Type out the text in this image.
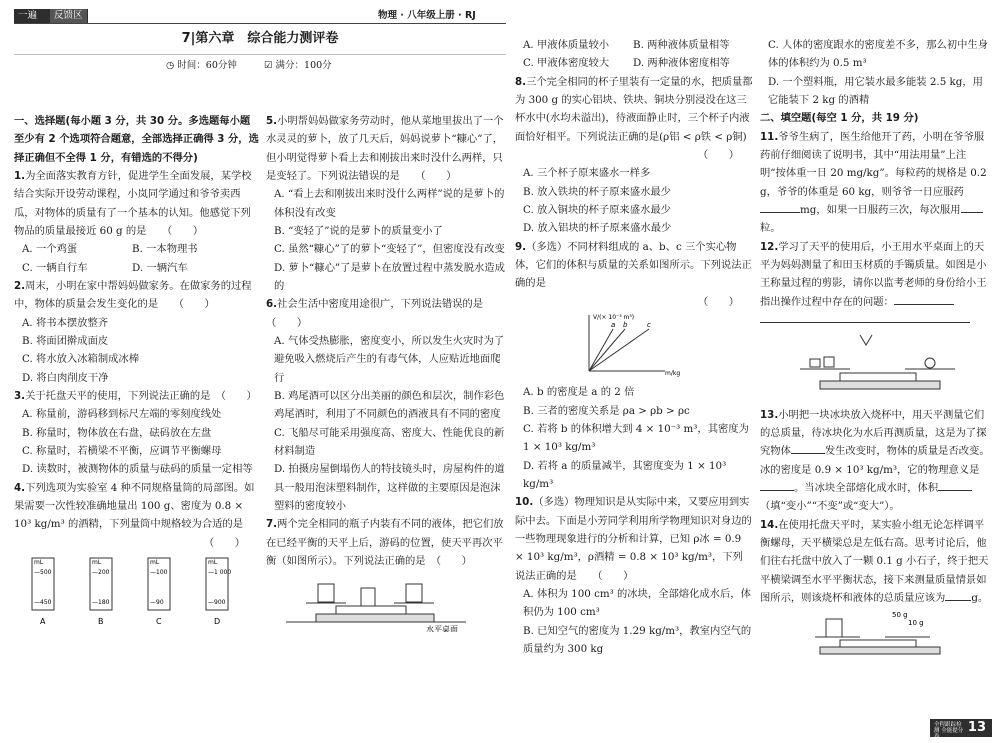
一遍	反馈区	物理 · 八年级上册 · RJ
7|第六章　综合能力测评卷
◷ 时间：60分钟	☑ 满分：100分

一、选择题(每小题 3 分，共 30 分。多选题每小题至少有 2 个选项符合题意，全部选择正确得 3 分，选择正确但不全得 1 分，有错选的不得分)

1.为全面落实教育方针，促进学生全面发展，某学校结合实际开设劳动课程，小岚同学通过和爷爷卖西瓜，对物体的质量有了一个基本的认知。他感觉下列物品的质量最接近 60 g 的是　　（　　）

A. 一个鸡蛋	B. 一本物理书

C. 一辆自行车	D. 一辆汽车

2.周末，小明在家中帮妈妈做家务。在做家务的过程中，物体的质量会发生变化的是　　（　　）

A. 将书本摆放整齐

B. 将面团擀成面皮

C. 将水放入冰箱制成冰棒

D. 将白肉削皮干净

3.关于托盘天平的使用，下列说法正确的是　（　　）

A. 称量前，游码移到标尺左端的零刻度线处

B. 称量时，物体放在右盘，砝码放在左盘

C. 称量时，若横梁不平衡，应调节平衡螺母

D. 读数时，被测物体的质量与砝码的质量一定相等

4.下列选项为实验室 4 种不同规格量筒的局部图。如果需要一次性较准确地量出 100 g、密度为 0.8 × 10³ kg/m³ 的酒精，下列量筒中规格较为合适的是

（　　）

mL
—500
—450
A
mL
—200
—180
B
mL
—100
—90
C
mL
—1 000
—900
D

5.小明帮妈妈做家务劳动时，他从菜地里拔出了一个水灵灵的萝卜，放了几天后，妈妈说萝卜“糠心”了，但小明觉得萝卜看上去和刚拔出来时没什么两样，只是变轻了。下列说法错误的是　　（　　）

A. “看上去和刚拔出来时没什么两样”说的是萝卜的体积没有改变

B. “变轻了”说的是萝卜的质量变小了

C. 虽然“糠心”了的萝卜“变轻了”，但密度没有改变

D. 萝卜“糠心”了是萝卜在放置过程中蒸发脱水造成的

6.社会生活中密度用途很广，下列说法错误的是（　　）

A. 气体受热膨胀，密度变小，所以发生火灾时为了避免吸入燃烧后产生的有毒气体，人应贴近地面爬行

B. 鸡尾酒可以区分出美丽的颜色和层次，制作彩色鸡尾酒时，利用了不同颜色的酒液具有不同的密度

C. 飞船尽可能采用强度高、密度大、性能优良的新材料制造

D. 拍摄房屋倒塌伤人的特技镜头时，房屋构件的道具一般用泡沫塑料制作，这样做的主要原因是泡沫塑料的密度较小

7.两个完全相同的瓶子内装有不同的液体，把它们放在已经平衡的天平上后，游码的位置，使天平再次平衡（如图所示）。下列说法正确的是　（　　）

水平桌面

A. 甲液体质量较小	B. 两种液体质量相等

C. 甲液体密度较大	D. 两种液体密度相等

8.三个完全相同的杯子里装有一定量的水，把质量都为 300 g 的实心铝块、铁块、铜块分别浸没在这三杯水中(水均未溢出)，待液面静止时，三个杯子内液面恰好相平。下列说法正确的是(ρ铝 < ρ铁 < ρ铜)

（　　）

A. 三个杯子原来盛水一样多

B. 放入铁块的杯子原来盛水最少

C. 放入铜块的杯子原来盛水最少

D. 放入铝块的杯子原来盛水最少

9.（多选）不同材料组成的 a、b、c 三个实心物体，它们的体积与质量的关系如图所示。下列说法正确的是

（　　）

V/(× 10⁻³ m³)
m/kg
a b	c

A. b 的密度是 a 的 2 倍

B. 三者的密度关系是 ρa > ρb > ρc

C. 若将 b 的体积增大到 4 × 10⁻³ m³，其密度为 1 × 10³ kg/m³

D. 若将 a 的质量减半，其密度变为 1 × 10³ kg/m³

10.（多选）物理知识是从实际中来，又要应用到实际中去。下面是小芳同学利用所学物理知识对身边的一些物理现象进行的分析和计算，已知 ρ冰 = 0.9 × 10³ kg/m³，ρ酒精 = 0.8 × 10³ kg/m³，下列说法正确的是　　（　　）

A. 体积为 100 cm³ 的冰块，全部熔化成水后，体积仍为 100 cm³

B. 已知空气的密度为 1.29 kg/m³，教室内空气的质量约为 300 kg

C. 人体的密度跟水的密度差不多，那么初中生身体的体积约为 0.5 m³

D. 一个塑料瓶，用它装水最多能装 2.5 kg，用它能装下 2 kg 的酒精

二、填空题(每空 1 分，共 19 分)

11.爷爷生病了，医生给他开了药，小明在爷爷服药前仔细阅读了说明书，其中“用法用量”上注明“按体重一日 20 mg/kg”。每粒药的规格是 0.2 g，爷爷的体重是 60 kg，则爷爷一日应服药mg，如果一日服药三次，每次服用粒。

12.学习了天平的使用后，小王用水平桌面上的天平为妈妈测量了和田玉材质的手镯质量。如图是小王称量过程的剪影，请你以监考老师的身份给小王指出操作过程中存在的问题：

13.小明把一块冰块放入烧杯中，用天平测量它们的总质量，待冰块化为水后再测质量，这是为了探究物体	发生改变时，物体的质量是否改变。冰的密度是 0.9 × 10³ kg/m³，它的物理意义是。当冰块全部熔化成水时，体积（填“变小”“不变”或“变大”）。

14.在使用托盘天平时，某实验小组无论怎样调平衡螺母，天平横梁总是左低右高。思考讨论后，他们往右托盘中放入了一颗 0.1 g 小石子，终于把天平横梁调至水平平衡状态，接下来测量质量情景如图所示，则该烧杯和液体的总质量应该为	g。

50 g
10 g
全程跟踪检测 全能提分卷
13
